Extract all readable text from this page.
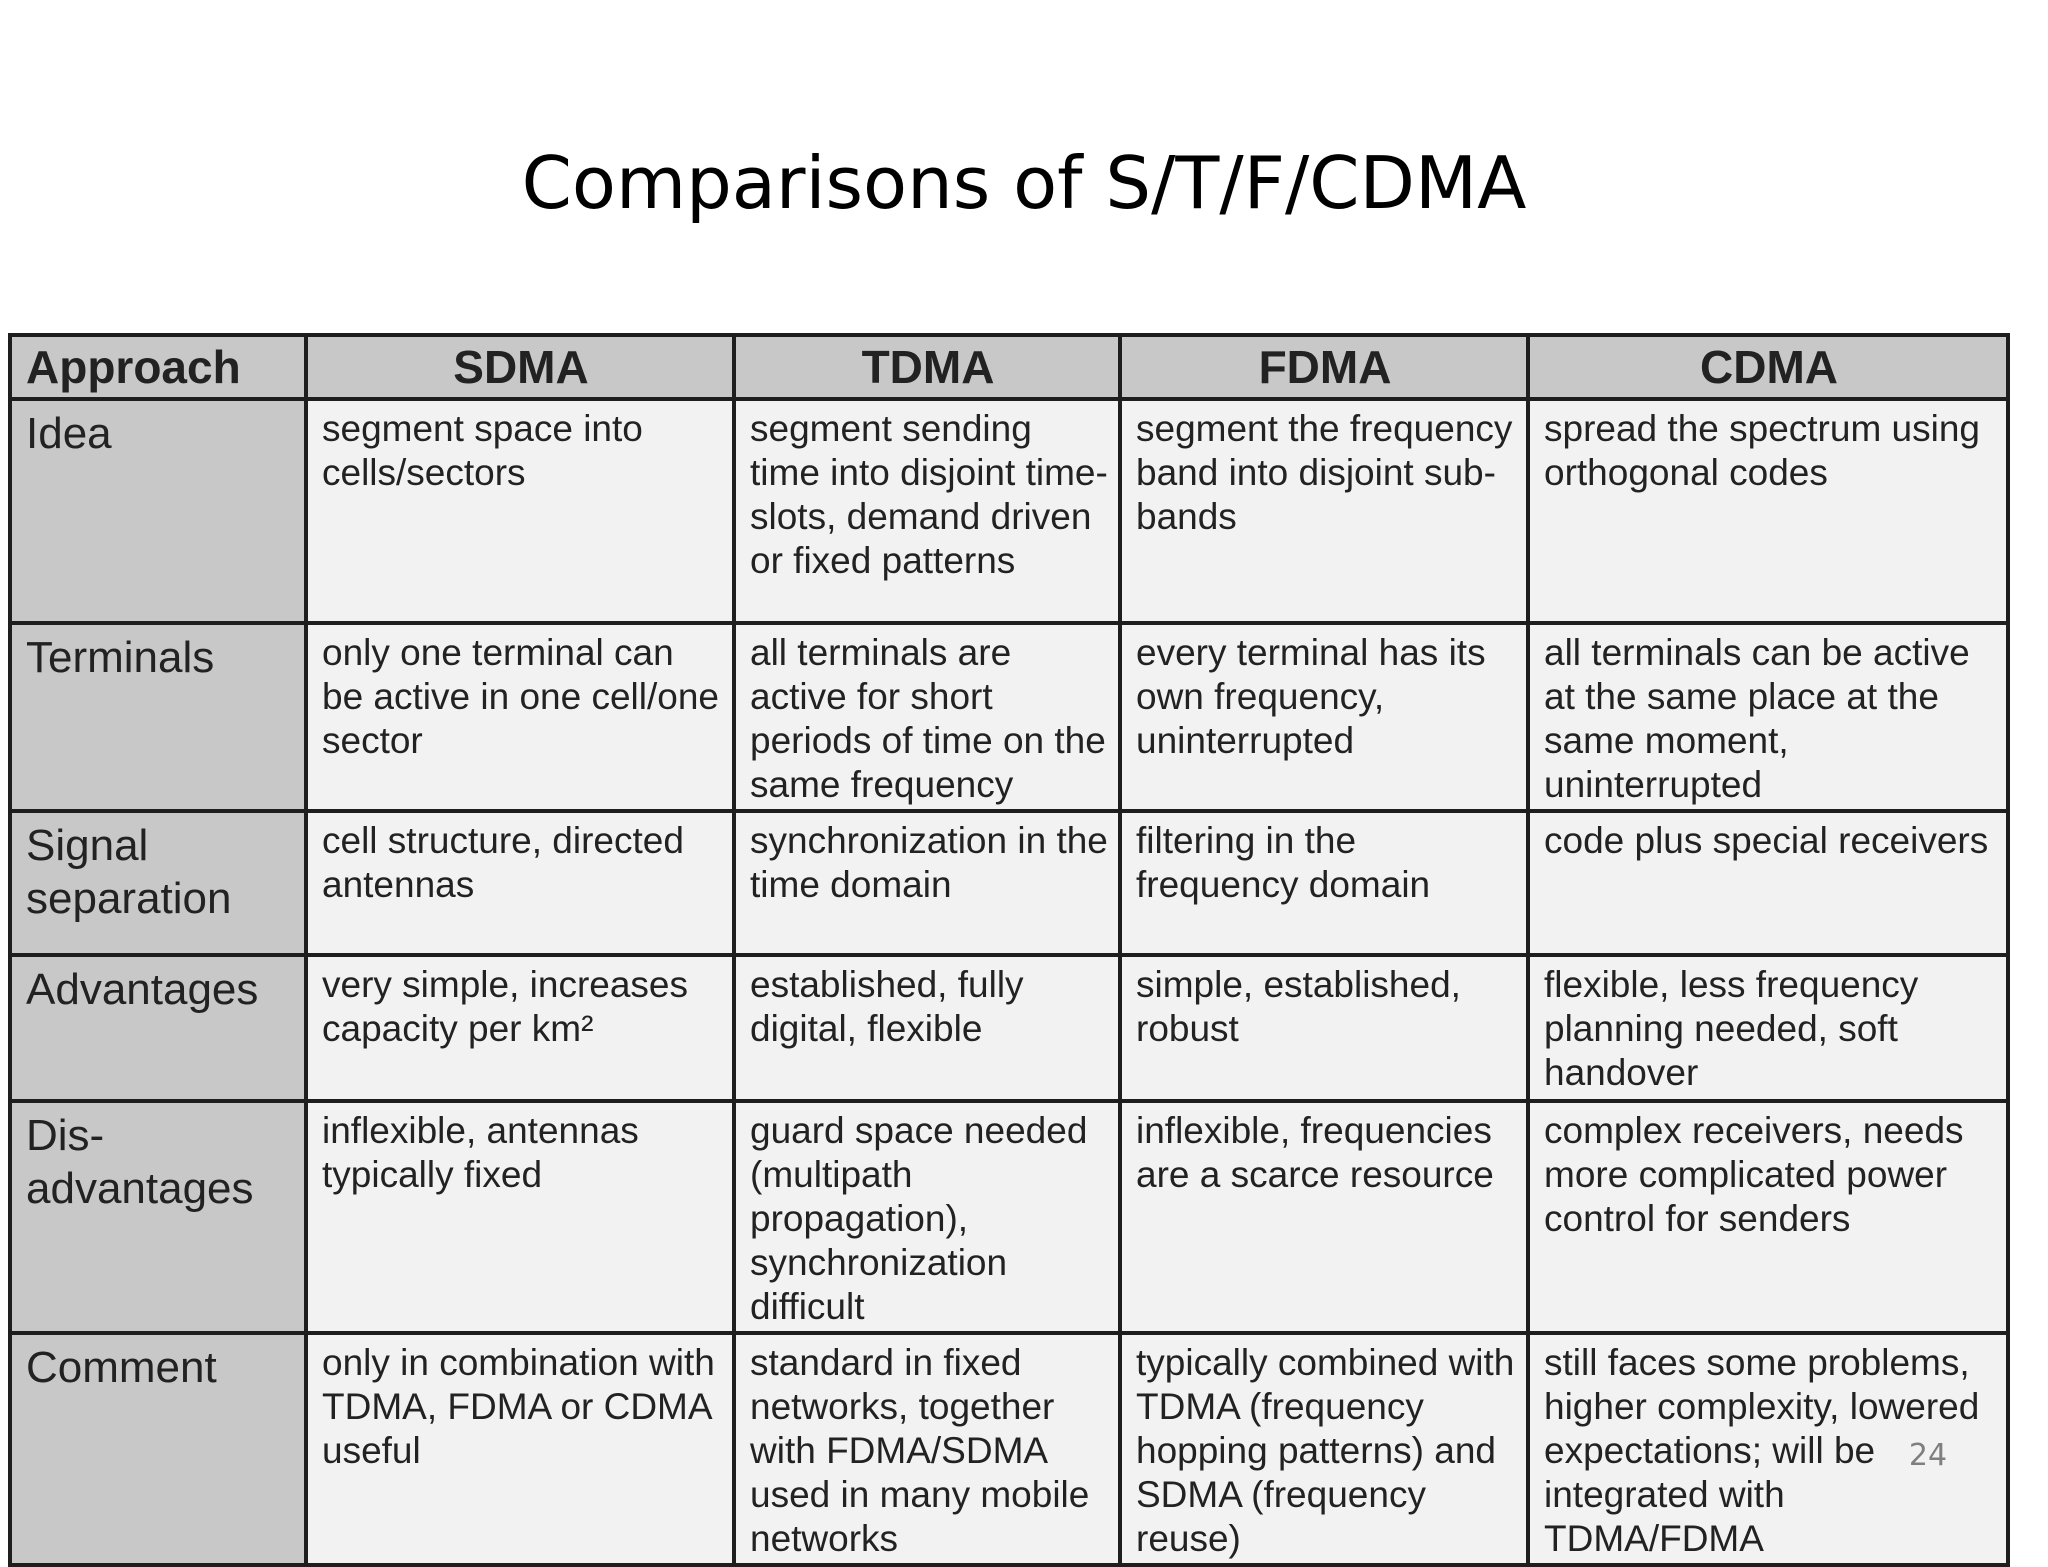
Comparisons of S/T/F/CDMA
Approach	SDMA	TDMA	FDMA	CDMA
Idea	segment space into cells/sectors	segment sending time into disjoint time-slots, demand driven or fixed patterns	segment the frequency band into disjoint sub-bands	spread the spectrum using orthogonal codes
Terminals	only one terminal can be active in one cell/one sector	all terminals are active for short periods of time on the same frequency	every terminal has its own frequency, uninterrupted	all terminals can be active at the same place at the same moment, uninterrupted
Signal separation	cell structure, directed antennas	synchronization in the time domain	filtering in the frequency domain	code plus special receivers
Advantages	very simple, increases capacity per km²	established, fully digital, flexible	simple, established, robust	flexible, less frequency planning needed, soft handover
Dis-advantages	inflexible, antennas typically fixed	guard space needed (multipath propagation), synchronization difficult	inflexible, frequencies are a scarce resource	complex receivers, needs more complicated power control for senders
Comment	only in combination with TDMA, FDMA or CDMA useful	standard in fixed networks, together with FDMA/SDMA used in many mobile networks	typically combined with TDMA (frequency hopping patterns) and SDMA (frequency reuse)	still faces some problems, higher complexity, lowered expectations; will be integrated with TDMA/FDMA
24
